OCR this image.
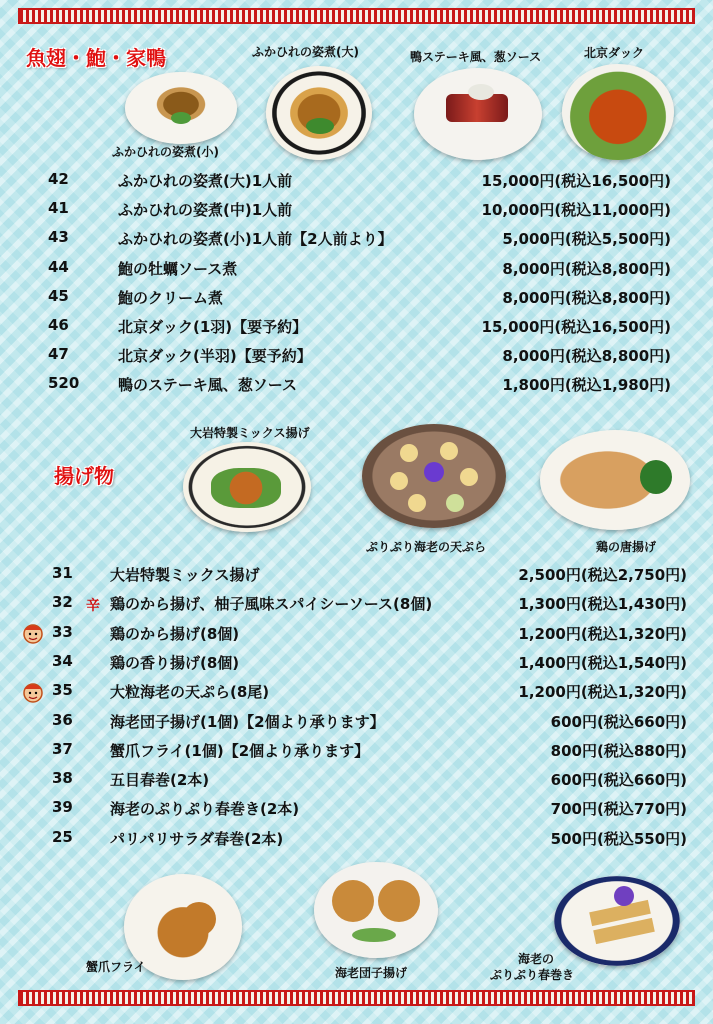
魚翅・鮑・家鴨
ふかひれの姿煮(小)
ふかひれの姿煮(大)	鴨ステーキ風、葱ソース	北京ダック
42	ふかひれの姿煮(大)1人前	15,000円(税込16,500円)
41	ふかひれの姿煮(中)1人前	10,000円(税込11,000円)
43	ふかひれの姿煮(小)1人前【2人前より】	5,000円(税込5,500円)
44	鮑の牡蠣ソース煮	8,000円(税込8,800円)
45	鮑のクリーム煮	8,000円(税込8,800円)
46	北京ダック(1羽)【要予約】	15,000円(税込16,500円)
47	北京ダック(半羽)【要予約】	8,000円(税込8,800円)
520	鴨のステーキ風、葱ソース	1,800円(税込1,980円)
揚げ物
大岩特製ミックス揚げ
ぷりぷり海老の天ぷら	鶏の唐揚げ
31 大岩特製ミックス揚げ	2,500円(税込2,750円)
32 鶏のから揚げ、柚子風味スパイシーソース(8個)	1,300円(税込1,430円)
33 鶏のから揚げ(8個)	1,200円(税込1,320円)
34 鶏の香り揚げ(8個)	1,400円(税込1,540円)
35 大粒海老の天ぷら(8尾)	1,200円(税込1,320円)
36 海老団子揚げ(1個)【2個より承ります】	600円(税込660円)
37 蟹爪フライ(1個)【2個より承ります】	800円(税込880円)
38 五目春巻(2本)	600円(税込660円)
39 海老のぷりぷり春巻き(2本)	700円(税込770円)
25 パリパリサラダ春巻(2本)	500円(税込550円)
辛
蟹爪フライ	海老団子揚げ
海老の
ぷりぷり春巻き
